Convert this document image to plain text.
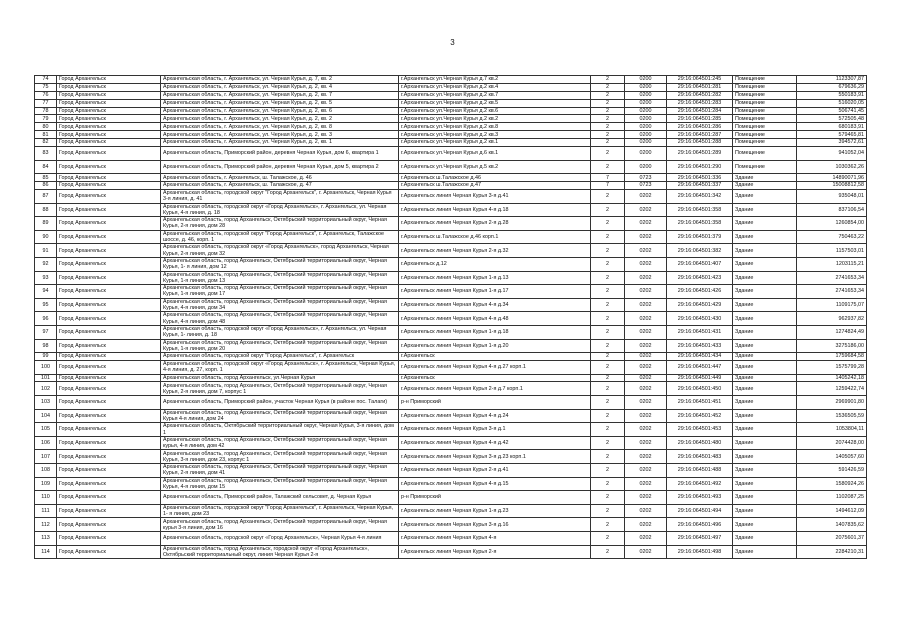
3
74	Город Архангельск	Архангельская область, г. Архангельск, ул. Черная Курья, д. 7, кв. 2	г.Архангельск ул.Черная Курья д.7 кв.2	2	0200	29:16:064501:245	Помещение	1123307,87
75	Город Архангельск	Архангельская область, г. Архангельск, ул. Черная Курья, д. 2, кв. 4	г.Архангельск ул.Черная Курья д.2 кв.4	2	0200	29:16:064501:281	Помещение	679636,29
76	Город Архангельск	Архангельская область, г. Архангельск, ул. Черная Курья, д. 2, кв. 7	г.Архангельск ул.Черная Курья д.2 кв.7	2	0200	29:16:064501:282	Помещение	550183,91
77	Город Архангельск	Архангельская область, г. Архангельск, ул. Черная Курья, д. 2, кв. 5	г.Архангельск ул.Черная Курья д.2 кв.5	2	0200	29:16:064501:283	Помещение	516020,05
78	Город Архангельск	Архангельская область, г. Архангельск, ул. Черная Курья, д. 2, кв. 6	г.Архангельск ул.Черная Курья д.2 кв.6	2	0200	29:16:064501:284	Помещение	506741,45
79	Город Архангельск	Архангельская область, г. Архангельск, ул. Черная Курья, д. 2, кв. 2	г.Архангельск ул.Черная Курья д.2 кв.2	2	0200	29:16:064501:285	Помещение	572505,48
80	Город Архангельск	Архангельская область, г. Архангельск, ул. Черная Курья, д. 2, кв. 8	г.Архангельск ул.Черная Курья д.2 кв.8	2	0200	29:16:064501:286	Помещение	680183,91
81	Город Архангельск	Архангельская область, г. Архангельск, ул. Черная Курья, д. 2, кв. 3	г.Архангельск ул.Черная Курья д.2 кв.3	2	0200	29:16:064501:287	Помещение	579465,81
82	Город Архангельск	Архангельская область, г. Архангельск, ул. Черная Курья, д. 2, кв. 1	г.Архангельск ул.Черная Курья д.2 кв.1	2	0200	29:16:064501:288	Помещение	394572,61
83	Город Архангельск	Архангельская область, Приморский район, деревня Черная Курья, дом 6, квартира 1	г.Архангельск ул.Черная Курья д.6 кв.1	2	0200	29:16:064501:289	Помещение	941052,04
84	Город Архангельск	Архангельская область, Приморский район, деревня Черная Курья, дом 5, квартира 2	г.Архангельск ул.Черная Курья д.5 кв.2	2	0200	29:16:064501:290	Помещение	1030362,26
85	Город Архангельск	Архангельская область, г. Архангельск, ш. Талажское, д. 46	г.Архангельск ш.Талажское д.46	7	0723	29:16:064501:336	Здание	14890071,96
86	Город Архангельск	Архангельская область, г. Архангельск, ш. Талажское, д. 47	г.Архангельск ш.Талажское д.47	7	0723	29:16:064501:337	Здание	15008812,58
87	Город Архангельск	Архангельская область, городской округ "Город Архангельск", г. Архангельск, Черная Курья 3-я линия, д. 41	г.Архангельск линия Черная Курья 3-я д.41	2	0202	29:16:064501:342	Здание	935048,01
88	Город Архангельск	Архангельская область, городской округ «Город Архангельск», г. Архангельск, ул. Черная Курья, 4-я линия, д. 18	г.Архангельск линия Черная Курья 4-я д.18	2	0202	29:16:064501:358	Здание	837106,54
89	Город Архангельск	Архангельская область, город Архангельск, Октябрьский территориальный округ, Черная Курья, 2-я линия, дом 28	г.Архангельск линия Черная Курья 2-я д.28	2	0202	29:16:064501:358	Здание	1260854,00
90	Город Архангельск	Архангельская область, городской округ "Город Архангельск", г. Архангельск, Талажское шоссе, д. 46, корп. 1	г.Архангельск ш.Талажское д.46 корп.1	2	0202	29:16:064501:379	Здание	750463,22
91	Город Архангельск	Архангельская область, городской округ «Город Архангельск», город Архангельск, Черная Курья, 2-я линия, дом 32	г.Архангельск линия Черная Курья 2-я д.32	2	0202	29:16:064501:382	Здание	1157503,01
92	Город Архангельск	Архангельская область, город Архангельск, Октябрьский территориальный округ, Черная Курья, 1- я линия, дом 12	г.Архангельск д.12	2	0202	29:16:064501:407	Здание	1203115,21
93	Город Архангельск	Архангельская область, город Архангельск, Октябрьский территориальный округ, Черная Курья, 1-я линия, дом 13	г.Архангельск линия Черная Курья 1-я д.13	2	0202	29:16:064501:423	Здание	2741653,34
94	Город Архангельск	Архангельская область, город Архангельск, Октябрьский территориальный округ, Черная Курья, 1-я линия, дом 17	г.Архангельск линия Черная Курья 1-я д.17	2	0202	29:16:064501:426	Здание	2741653,34
95	Город Архангельск	Архангельская область, город Архангельск, Октябрьский территориальный округ, Черная Курья, 4-я линия, дом 34	г.Архангельск линия Черная Курья 4-я д.34	2	0202	29:16:064501:429	Здание	1109175,07
96	Город Архангельск	Архангельская область, город Архангельск, Октябрьский территориальный округ, Черная Курья, 4-я линия, дом 48	г.Архангельск линия Черная Курья 4-я д.48	2	0202	29:16:064501:430	Здание	962937,82
97	Город Архангельск	Архангельская область, городской округ «Город Архангельск», г. Архангельск, ул. Черная Курья, 1- линия, д. 18	г.Архангельск линия Черная Курья 1-я д.18	2	0202	29:16:064501:431	Здание	1274824,49
98	Город Архангельск	Архангельская область, город Архангельск, Октябрьский территориальный округ, Черная Курья, 1-я линия, дом 20	г.Архангельск линия Черная Курья 1-я д.20	2	0202	29:16:064501:433	Здание	3275186,00
99	Город Архангельск	Архангельская область, городской округ "Город Архангельск", г. Архангельск	г.Архангельск	2	0202	29:16:064501:434	Здание	1759684,58
100	Город Архангельск	Архангельская область, городской округ «Город Архангельск», г. Архангельск, Черная Курья, 4-я линия, д. 27, корп. 1	г.Архангельск линия Черная Курья 4-я д.27 корп.1	2	0202	29:16:064501:447	Здание	1575799,28
101	Город Архангельск	Архангельская область, город Архангельск, ул.Черная Курья	г.Архангельск	2	0202	29:16:064501:449	Здание	1405242,18
102	Город Архангельск	Архангельская область, город Архангельск, Октябрьский территориальный округ, Черная Курья, 2-я линия, дом 7, корпус 1	г.Архангельск линия Черная Курья 2-я д.7 корп.1	2	0202	29:16:064501:450	Здание	1259422,74
103	Город Архангельск	Архангельская область, Приморский район, участок Черная Курья (в районе пос. Талаги)	р-н Приморский	2	0202	29:16:064501:451	Здание	2969901,80
104	Город Архангельск	Архангельская область, город Архангельск, Октябрьский территориальный округ, Черная Курья 4-я линия, дом 24	г.Архангельск линия Черная Курья 4-я д.24	2	0202	29:16:064501:452	Здание	1536505,59
105	Город Архангельск	Архангельская область, Октябрьский территориальный округ, Черная Курья, 3-я линия, дом 1	г.Архангельск линия Черная Курья 3-я д.1	2	0202	29:16:064501:453	Здание	1053804,11
106	Город Архангельск	Архангельская область, город Архангельск, Октябрьский территориальный округ, Черная курья, 4-я линия, дом 42	г.Архангельск линия Черная Курья 4-я д.42	2	0202	29:16:064501:480	Здание	2074428,00
107	Город Архангельск	Архангельская область, город Архангельск, Октябрьский территориальный округ, Черная Курья, 3-я линия, дом 23, корпус 1	г.Архангельск линия Черная Курья 3-я д.23 корп.1	2	0202	29:16:064501:483	Здание	1405057,60
108	Город Архангельск	Архангельская область, город Архангельск, Октябрьский территориальный округ, Черная Курья, 2-я линия, дом 41	г.Архангельск линия Черная Курья 2-я д.41	2	0202	29:16:064501:488	Здание	591426,59
109	Город Архангельск	Архангельская область, город Архангельск, Октябрьский территориальный округ, Черная Курья, 4-я линия, дом 15	г.Архангельск линия Черная Курья 4-я д.15	2	0202	29:16:064501:492	Здание	1580924,26
110	Город Архангельск	Архангельская область, Приморский район, Талажский сельсовет, д. Черная Курья	р-н Приморский	2	0202	29:16:064501:493	Здание	1102087,25
111	Город Архангельск	Архангельская область, городской округ "Город Архангельск", г. Архангельск, Черная Курья, 1- я линия, дом 23	г.Архангельск линия Черная Курья 1-я д.23	2	0202	29:16:064501:494	Здание	1494612,09
112	Город Архангельск	Архангельская область, город Архангельск, Октябрьский территориальный округ, Черная курья 3-я линия, дом 16	г.Архангельск линия Черная Курья 3-я д.16	2	0202	29:16:064501:496	Здание	1407835,62
113	Город Архангельск	Архангельская область, городской округ «Город Архангельск», Черная Курья 4-я линия	г.Архангельск линия Черная Курья 4-я	2	0202	29:16:064501:497	Здание	2075601,37
114	Город Архангельск	Архангельская область, город Архангельск, городской округ «Город Архангельск», Октябрьский территориальный округ, линия Черная Курья 2-я	г.Архангельск линия Черная Курья 2-я	2	0202	29:16:064501:498	Здание	2284210,31
